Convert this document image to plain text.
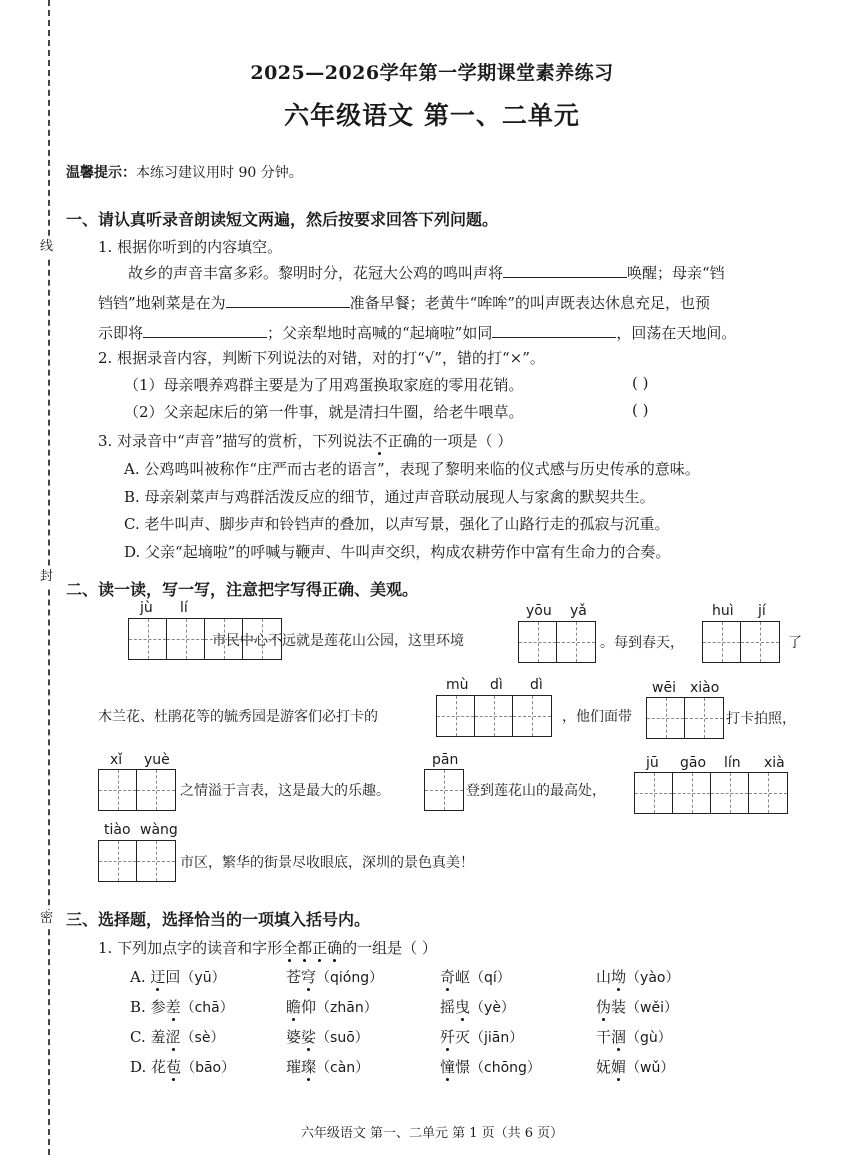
线
封
密
2025—2026学年第一学期课堂素养练习
六年级语文 第一、二单元
温馨提示：本练习建议用时 90 分钟。
一、请认真听录音朗读短文两遍，然后按要求回答下列问题。
1. 根据你听到的内容填空。
故乡的声音丰富多彩。黎明时分，花冠大公鸡的鸣叫声将	唤醒；母亲“铛
铛铛”地剁菜是在为	准备早餐；老黄牛“哞哞”的叫声既表达休息充足，也预
示即将	；父亲犁地时高喊的“起墒啦”如同	，回荡在天地间。
2. 根据录音内容，判断下列说法的对错，对的打“√”，错的打“×”。
（1）母亲喂养鸡群主要是为了用鸡蛋换取家庭的零用花销。	( )
（2）父亲起床后的第一件事，就是清扫牛圈，给老牛喂草。	( )
3. 对录音中“声音”描写的赏析，下列说法不正确的一项是（ ）
A. 公鸡鸣叫被称作“庄严而古老的语言”，表现了黎明来临的仪式感与历史传承的意味。
B. 母亲剁菜声与鸡群活泼反应的细节，通过声音联动展现人与家禽的默契共生。
C. 老牛叫声、脚步声和铃铛声的叠加，以声写景，强化了山路行走的孤寂与沉重。
D. 父亲“起墒啦”的呼喊与鞭声、牛叫声交织，构成农耕劳作中富有生命力的合奏。
二、读一读，写一写，注意把字写得正确、美观。
jù lí
市民中心不远就是莲花山公园，这里环境
yōu yǎ
。每到春天，
huì jí
了
木兰花、杜鹃花等的毓秀园是游客们必打卡的
mù dì dì
，他们面带
wēi xiào
打卡拍照，
xǐ yuè
之情溢于言表，这是最大的乐趣。
pān
登到莲花山的最高处，
jū gāo lín xià
tiào wàng
市区，繁华的街景尽收眼底，深圳的景色真美！
三、选择题，选择恰当的一项填入括号内。
1. 下列加点字的读音和字形全都正确的一组是（ ）
A. 迂回（yū）	苍穹（qióng）	奇岖（qí）	山坳（yào）
B. 参差（chā）	瞻仰（zhān）	摇曳（yè）	伪装（wěi）
C. 羞涩（sè）	婆娑（suō）	歼灭（jiān）	干涸（gù）
D. 花苞（bāo）	璀璨（càn）	憧憬（chōng）	妩媚（wǔ）
六年级语文 第一、二单元 第 1 页（共 6 页）
